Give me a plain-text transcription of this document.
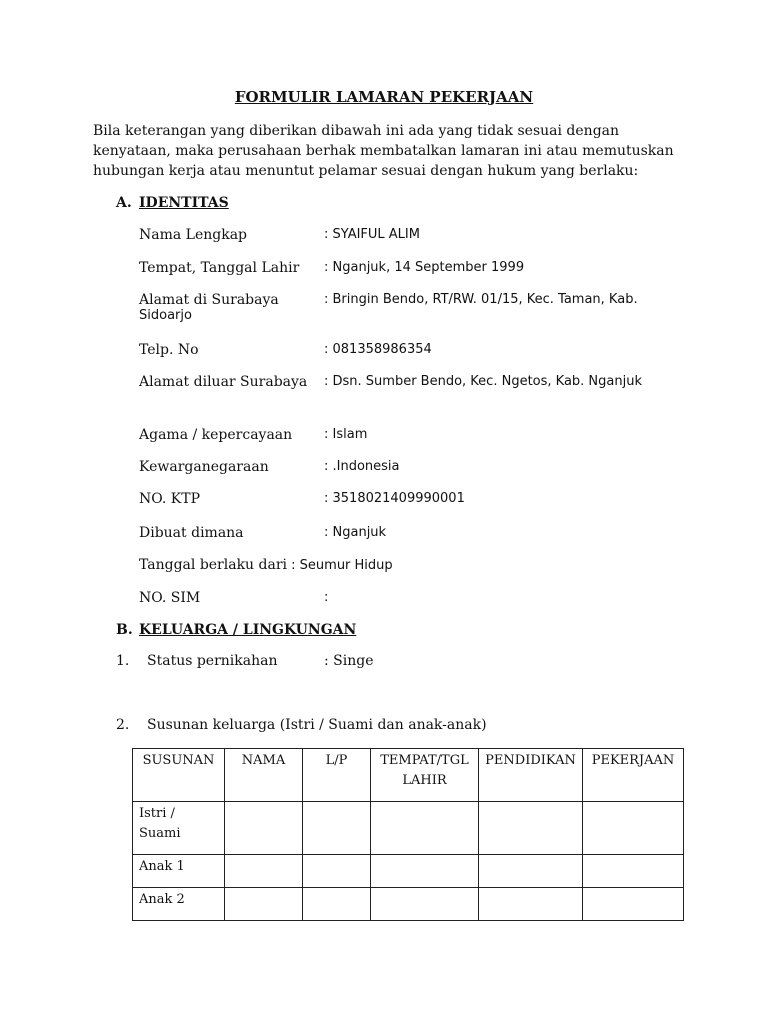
FORMULIR LAMARAN PEKERJAAN
Bila keterangan yang diberikan dibawah ini ada yang tidak sesuai dengan kenyataan, maka perusahaan berhak membatalkan lamaran ini atau memutuskan hubungan kerja atau menuntut pelamar sesuai dengan hukum yang berlaku:
A. IDENTITAS
Nama Lengkap	: SYAIFUL ALIM
Tempat, Tanggal Lahir : Nganjuk, 14 September 1999
Alamat di Surabaya	: Bringin Bendo, RT/RW. 01/15, Kec. Taman, Kab.
Sidoarjo
Telp. No	: 081358986354
Alamat diluar Surabaya : Dsn. Sumber Bendo, Kec. Ngetos, Kab. Nganjuk
Agama / kepercayaan : Islam
Kewarganegaraan	: .Indonesia
NO. KTP	: 3518021409990001
Dibuat dimana	: Nganjuk
Tanggal berlaku dari : Seumur Hidup
NO. SIM	:
B. KELUARGA / LINGKUNGAN
1. Status pernikahan	: Singe
2. Susunan keluarga (Istri / Suami dan anak-anak)
SUSUNAN	NAMA	L/P	TEMPAT/TGL LAHIR	PENDIDIKAN	PEKERJAAN
Istri / Suami					
Anak 1					
Anak 2					
